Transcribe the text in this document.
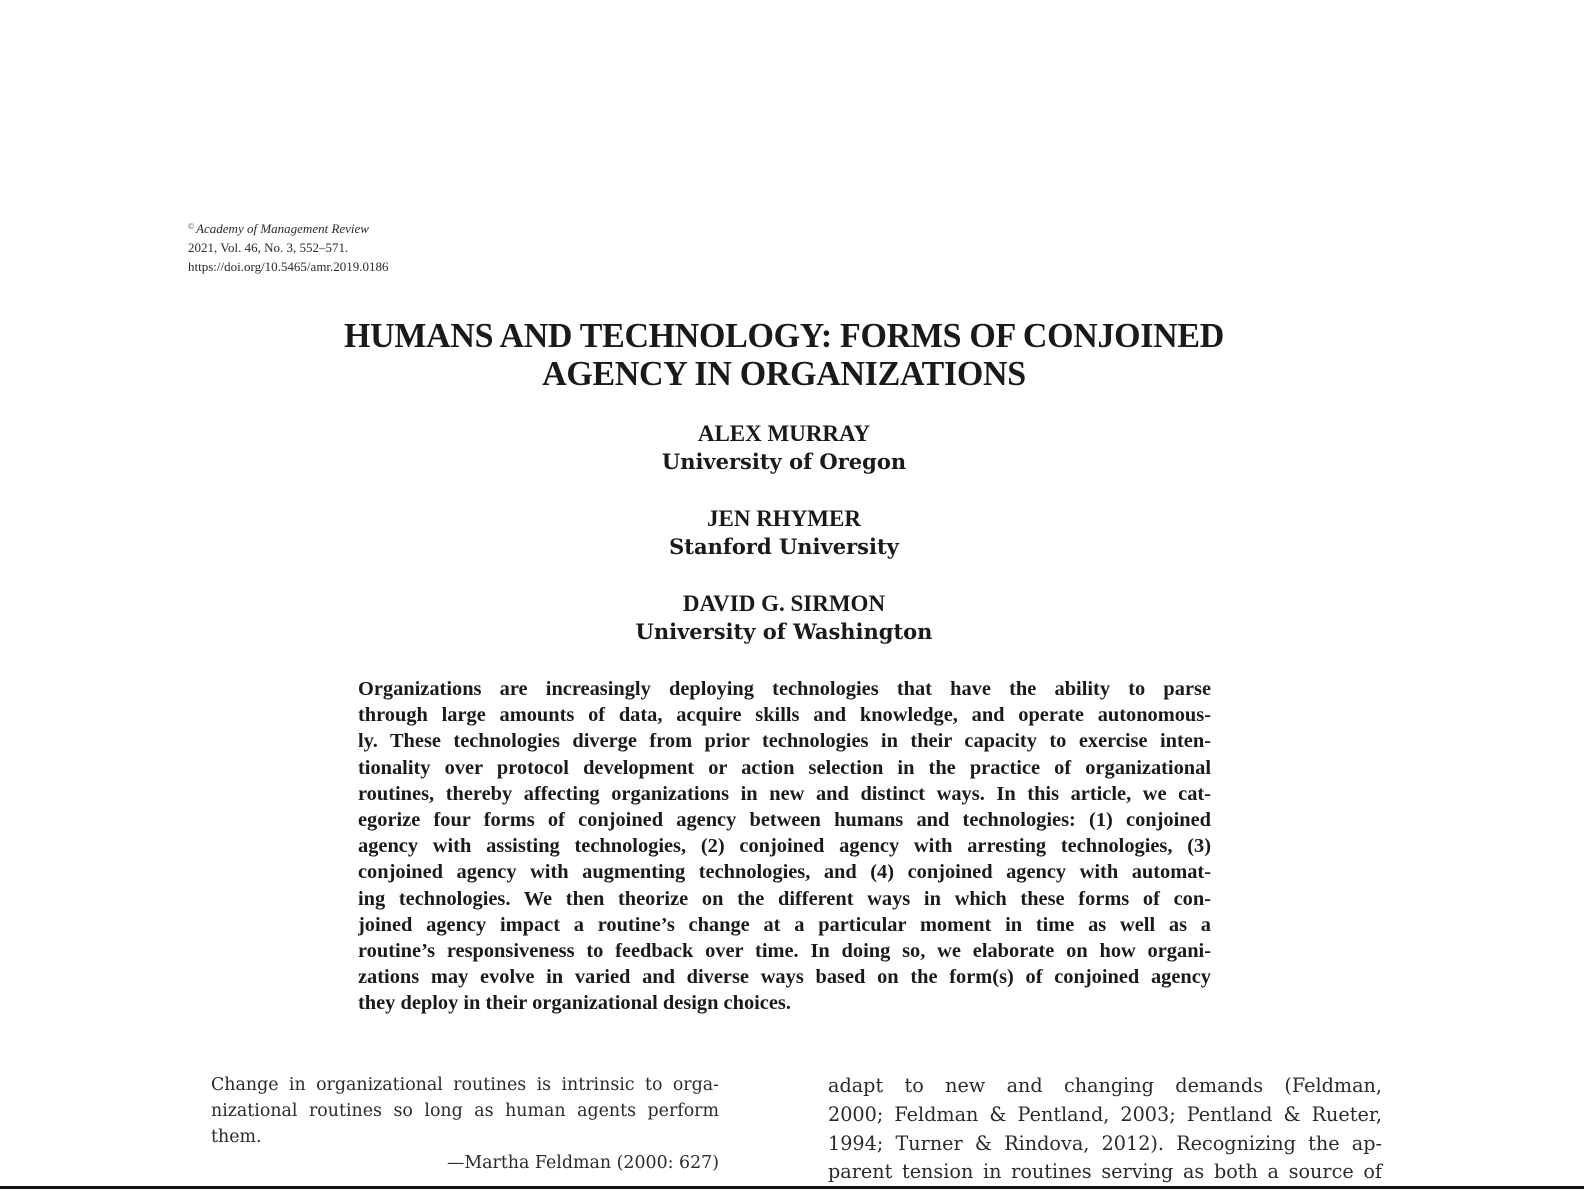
© Academy of Management Review
2021, Vol. 46, No. 3, 552–571.
https://doi.org/10.5465/amr.2019.0186
HUMANS AND TECHNOLOGY: FORMS OF CONJOINED
AGENCY IN ORGANIZATIONS
ALEX MURRAY
University of Oregon
JEN RHYMER
Stanford University
DAVID G. SIRMON
University of Washington
Organizations are increasingly deploying technologies that have the ability to parse
through large amounts of data, acquire skills and knowledge, and operate autonomous-
ly. These technologies diverge from prior technologies in their capacity to exercise inten-
tionality over protocol development or action selection in the practice of organizational
routines, thereby affecting organizations in new and distinct ways. In this article, we cat-
egorize four forms of conjoined agency between humans and technologies: (1) conjoined
agency with assisting technologies, (2) conjoined agency with arresting technologies, (3)
conjoined agency with augmenting technologies, and (4) conjoined agency with automat-
ing technologies. We then theorize on the different ways in which these forms of con-
joined agency impact a routine’s change at a particular moment in time as well as a
routine’s responsiveness to feedback over time. In doing so, we elaborate on how organi-
zations may evolve in varied and diverse ways based on the form(s) of conjoined agency
they deploy in their organizational design choices.
Change in organizational routines is intrinsic to orga-
nizational routines so long as human agents perform
them.
—Martha Feldman (2000: 627)
adapt to new and changing demands (Feldman,
2000; Feldman & Pentland, 2003; Pentland & Rueter,
1994; Turner & Rindova, 2012). Recognizing the ap-
parent tension in routines serving as both a source of
